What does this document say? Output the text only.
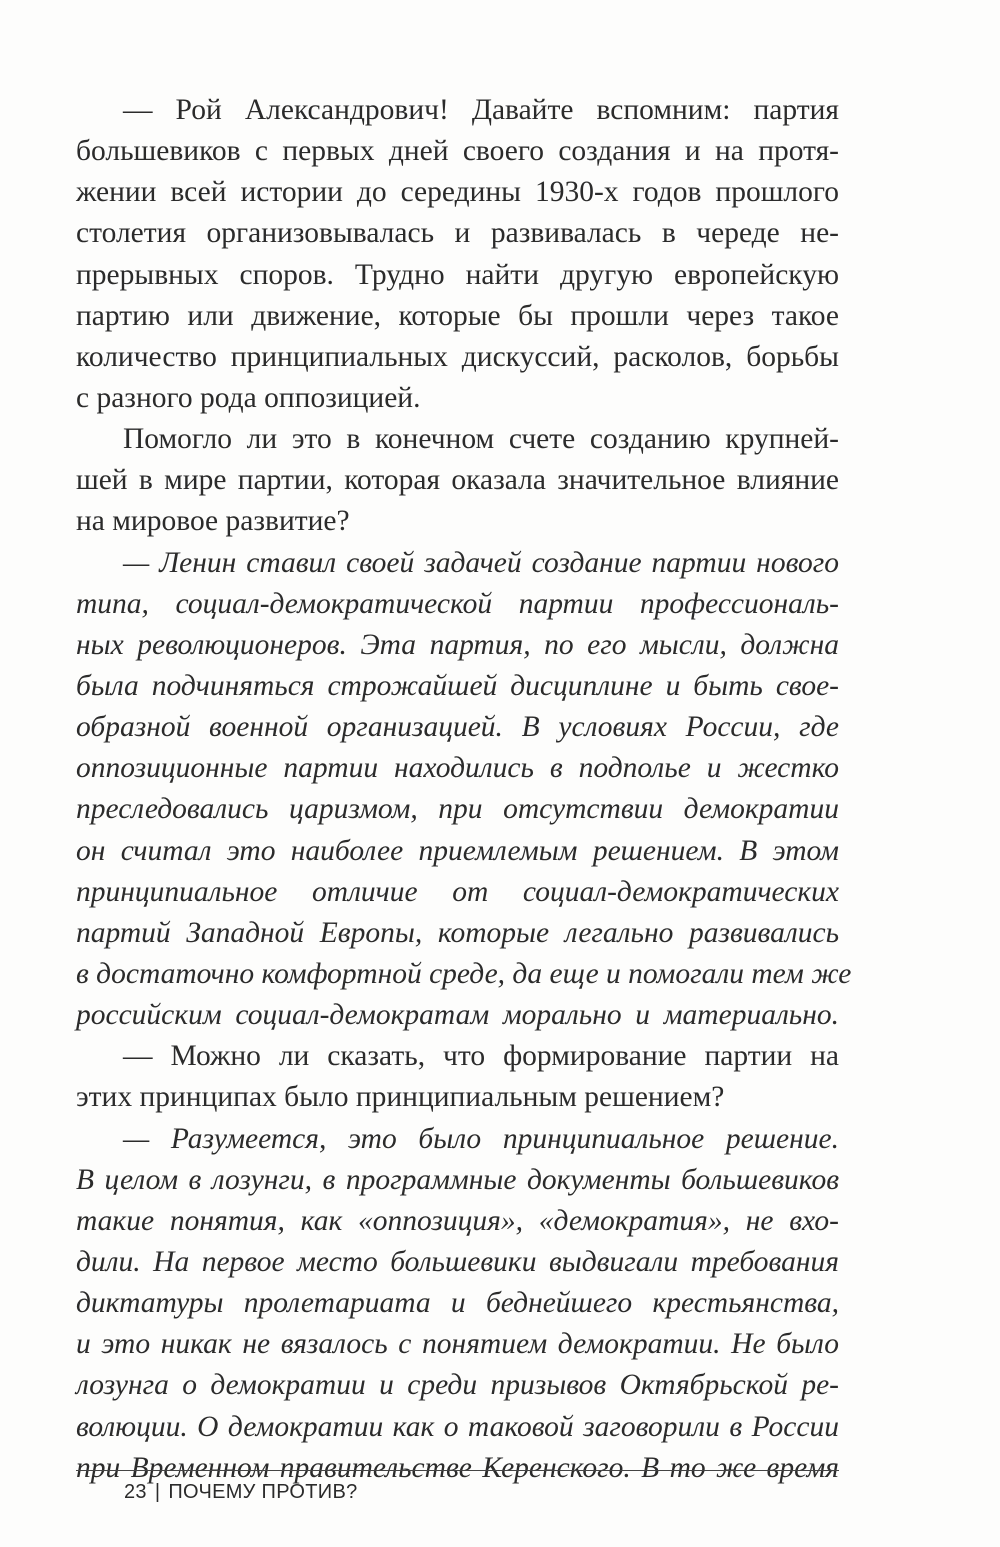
— Рой Александрович! Давайте вспомним: партия
большевиков с первых дней своего создания и на протя-
жении всей истории до середины 1930-х годов прошлого
столетия организовывалась и развивалась в череде не-
прерывных споров. Трудно найти другую европейскую
партию или движение, которые бы прошли через такое
количество принципиальных дискуссий, расколов, борьбы
с разного рода оппозицией.
Помогло ли это в конечном счете созданию крупней-
шей в мире партии, которая оказала значительное влияние
на мировое развитие?
— Ленин ставил своей задачей создание партии нового
типа, социал-демократической партии профессиональ-
ных революционеров. Эта партия, по его мысли, должна
была подчиняться строжайшей дисциплине и быть свое-
образной военной организацией. В условиях России, где
оппозиционные партии находились в подполье и жестко
преследовались царизмом, при отсутствии демократии
он считал это наиболее приемлемым решением. В этом
принципиальное отличие от социал-демократических
партий Западной Европы, которые легально развивались
в достаточно комфортной среде, да еще и помогали тем же
российским социал-демократам морально и материально.
— Можно ли сказать, что формирование партии на
этих принципах было принципиальным решением?
— Разумеется, это было принципиальное решение.
В целом в лозунги, в программные документы большевиков
такие понятия, как «оппозиция», «демократия», не вхо-
дили. На первое место большевики выдвигали требования
диктатуры пролетариата и беднейшего крестьянства,
и это никак не вязалось с понятием демократии. Не было
лозунга о демократии и среди призывов Октябрьской ре-
волюции. О демократии как о таковой заговорили в России
при Временном правительстве Керенского. В то же время
23 | ПОЧЕМУ ПРОТИВ?
